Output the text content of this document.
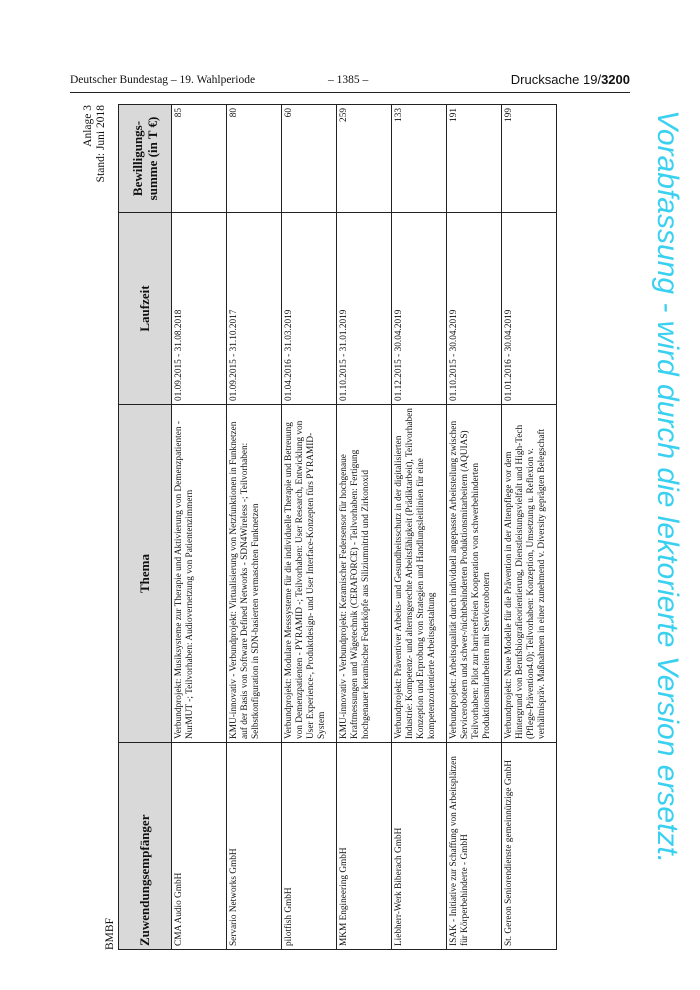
Deutscher Bundestag – 19. Wahlperiode	– 1385 –	Drucksache 19/3200
BMBF
Anlage 3 Stand: Juni 2018
Zuwendungsempfänger	Thema	Laufzeit	Bewilligungs-summe (in T €)
CMA Audio GmbH	Verbundprojekt: Musiksysteme zur Therapie und Aktivierung von Demenzpatienten - NurMUT -; Teilvorhaben: Audiovernetzung von Patientenzimmern	01.09.2015 - 31.08.2018	85
Servario Networks GmbH	KMU-innovativ - Verbundprojekt: Virtualisierung von Netzfunktionen in Funknetzen auf der Basis von Software Defined Networks - SDN4Wireless -; Teilvorhaben: Selbstkonfiguration in SDN-basierten vermaschten Funknetzen	01.09.2015 - 31.10.2017	80
pilotfish GmbH	Verbundprojekt: Modulare Messsysteme für die individuelle Therapie und Betreuung von Demenzpatienten - PYRAMID -; Teilvorhaben: User Research, Entwicklung von User Experience-, Produktdesign- und User Interface-Konzepten fürs PYRAMID-System	01.04.2016 - 31.03.2019	60
MKM Engineering GmbH	KMU-innovativ - Verbundprojekt: Keramischer Federsensor für hochgenaue Kraftmessungen und Wägetechnik (CERAFORCE) - Teilvorhaben: Fertigung hochgenauer keramischer Federköpfe aus Siliziumnitrid und Zirkonoxid	01.10.2015 - 31.01.2019	259
Liebherr-Werk Biberach GmbH	Verbundprojekt: Präventiver Arbeits- und Gesundheitsschutz in der digitalisierten Industrie: Kompetenz- und alternsgerechte Arbeitsfähigkeit (Prädiktarbeit), Teilvorhaben Konzeption und Erprobung von Strategien und Handlungsleitlinien für eine kompetenzorientierte Arbeitsgestaltung	01.12.2015 - 30.04.2019	133
ISAK - Initiative zur Schaffung von Arbeitsplätzen für Körperbehinderte - GmbH	Verbundprojekt: Arbeitsqualität durch individuell angepasste Arbeitsteilung zwischen Servicerobotern und schwer-/nichtbehinderten Produktionsmitarbeitern (AQUIAS) Teilvorhaben: Pilot zur barrierefreien Kooperation von schwerbehinderten Produktionsmitarbeitern mit Servicerobotern	01.10.2015 - 30.04.2019	191
St. Gereon Seniorendienste gemeinnützige GmbH	Verbundprojekt: Neue Modelle für die Prävention in der Altenpflege vor dem Hintergrund von Berufsbiografieorientierung, Dienstleistungsvielfalt und High-Tech (Pflege-Prävention4.0); Teilvorhaben: Konzeption, Umsetzung u. Reflexion v. verhältnispräv. Maßnahmen in einer zunehmend v. Diversity geprägten Belegschaft	01.01.2016 - 30.04.2019	199	Vorabfassung - wird durch die lektorierte Version ersetzt.
